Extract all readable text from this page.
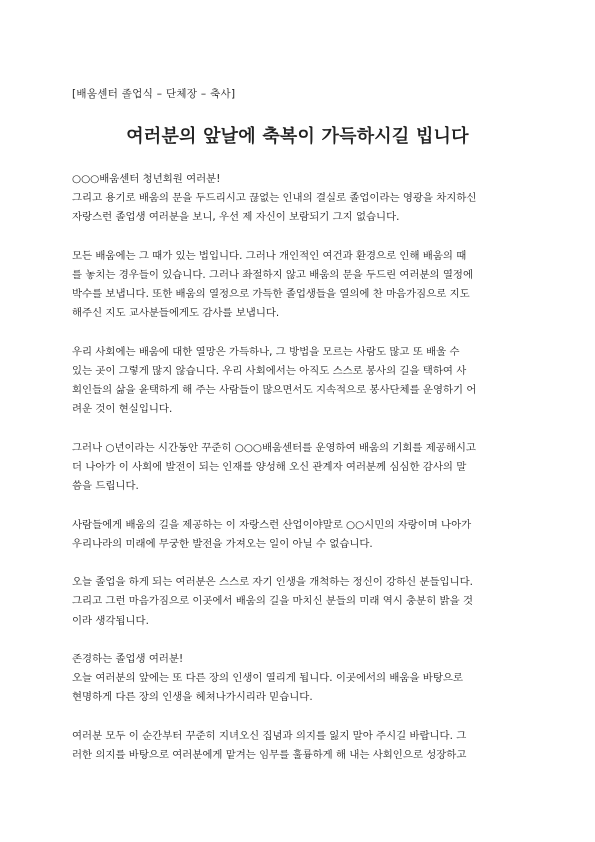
[배움센터 졸업식 – 단체장 – 축사]
여러분의 앞날에 축복이 가득하시길 빕니다
○○○배움센터 청년회원 여러분!
그리고 용기로 배움의 문을 두드리시고 끊없는 인내의 결실로 졸업이라는 영광을 차지하신
자랑스런 졸업생 여러분을 보니, 우선 제 자신이 보람되기 그지 없습니다.
모든 배움에는 그 때가 있는 법입니다. 그러나 개인적인 여건과 환경으로 인해 배움의 때
를 놓치는 경우들이 있습니다. 그러나 좌절하지 않고 배움의 문을 두드린 여러분의 열정에
박수를 보냅니다. 또한 배움의 열정으로 가득한 졸업생들을 열의에 찬 마음가짐으로 지도
해주신 지도 교사분들에게도 감사를 보냅니다.
우리 사회에는 배움에 대한 열망은 가득하나, 그 방법을 모르는 사람도 많고 또 배울 수
있는 곳이 그렇게 많지 않습니다. 우리 사회에서는 아직도 스스로 봉사의 길을 택하여 사
회인들의 삶을 윤택하게 해 주는 사람들이 많으면서도 지속적으로 봉사단체를 운영하기 어
려운 것이 현실입니다.
그러나 ○년이라는 시간동안 꾸준히 ○○○배움센터를 운영하여 배움의 기회를 제공해시고
더 나아가 이 사회에 발전이 되는 인재를 양성해 오신 관계자 여러분께 심심한 감사의 말
씀을 드립니다.
사람들에게 배움의 길을 제공하는 이 자랑스런 산업이야말로 ○○시민의 자랑이며 나아가
우리나라의 미래에 무궁한 발전을 가져오는 일이 아닐 수 없습니다.
오늘 졸업을 하게 되는 여러분은 스스로 자기 인생을 개척하는 정신이 강하신 분들입니다.
그리고 그런 마음가짐으로 이곳에서 배움의 길을 마치신 분들의 미래 역시 충분히 밝을 것
이라 생각됩니다.
존경하는 졸업생 여러분!
오늘 여러분의 앞에는 또 다른 장의 인생이 열리게 됩니다. 이곳에서의 배움을 바탕으로
현명하게 다른 장의 인생을 헤쳐나가시리라 믿습니다.
여러분 모두 이 순간부터 꾸준히 지녀오신 집념과 의지를 잃지 말아 주시길 바랍니다. 그
러한 의지를 바탕으로 여러분에게 맡겨는 임무를 훌륭하게 해 내는 사회인으로 성장하고
